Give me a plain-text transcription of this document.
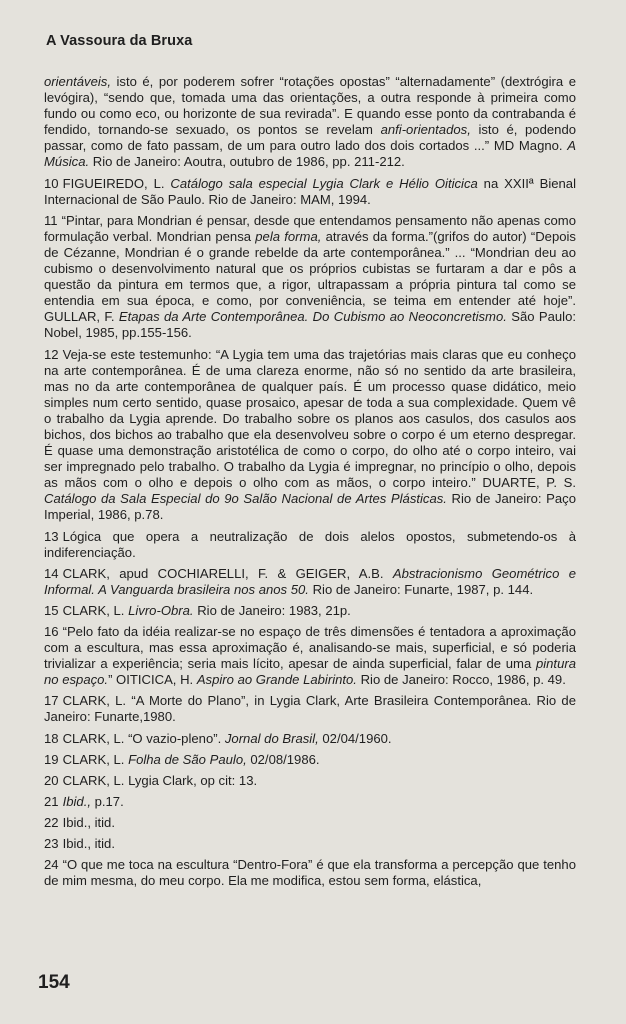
A Vassoura da Bruxa

orientáveis, isto é, por poderem sofrer “rotações opostas” “alternadamente” (dextrógira e levógira), “sendo que, tomada uma das orientações, a outra responde à primeira como fundo ou como eco, ou horizonte de sua revirada”. E quando esse ponto da contrabanda é fendido, tornando-se sexuado, os pontos se revelam anfi-orientados, isto é, podendo passar, como de fato passam, de um para outro lado dos dois cortados ...” MD Magno. A Música. Rio de Janeiro: Aoutra, outubro de 1986, pp. 211-212.

10 FIGUEIREDO, L. Catálogo sala especial Lygia Clark e Hélio Oiticica na XXIIª Bienal Internacional de São Paulo. Rio de Janeiro: MAM, 1994.

11 “Pintar, para Mondrian é pensar, desde que entendamos pensamento não apenas como formulação verbal. Mondrian pensa pela forma, através da forma.”(grifos do autor) “Depois de Cézanne, Mondrian é o grande rebelde da arte contemporânea.” ... “Mondrian deu ao cubismo o desenvolvimento natural que os próprios cubistas se furtaram a dar e pôs a questão da pintura em termos que, a rigor, ultrapassam a própria pintura tal como se entendia em sua época, e como, por conveniência, se teima em entender até hoje”. GULLAR, F. Etapas da Arte Contemporânea. Do Cubismo ao Neoconcretismo. São Paulo: Nobel, 1985, pp.155-156.

12 Veja-se este testemunho: “A Lygia tem uma das trajetórias mais claras que eu conheço na arte contemporânea. É de uma clareza enorme, não só no sentido da arte brasileira, mas no da arte contemporânea de qualquer país. É um processo quase didático, meio simples num certo sentido, quase prosaico, apesar de toda a sua complexidade. Quem vê o trabalho da Lygia aprende. Do trabalho sobre os planos aos casulos, dos casulos aos bichos, dos bichos ao trabalho que ela desenvolveu sobre o corpo é um eterno despregar. É quase uma demonstração aristotélica de como o corpo, do olho até o corpo inteiro, vai ser impregnado pelo trabalho. O trabalho da Lygia é impregnar, no princípio o olho, depois as mãos com o olho e depois o olho com as mãos, o corpo inteiro.” DUARTE, P. S. Catálogo da Sala Especial do 9o Salão Nacional de Artes Plásticas. Rio de Janeiro: Paço Imperial, 1986, p.78.

13 Lógica que opera a neutralização de dois alelos opostos, submetendo-os à indiferenciação.

14 CLARK, apud COCHIARELLI, F. & GEIGER, A.B. Abstracionismo Geométrico e Informal. A Vanguarda brasileira nos anos 50. Rio de Janeiro: Funarte, 1987, p. 144.

15 CLARK, L. Livro-Obra. Rio de Janeiro: 1983, 21p.

16 “Pelo fato da idéia realizar-se no espaço de três dimensões é tentadora a aproximação com a escultura, mas essa aproximação é, analisando-se mais, superficial, e só poderia trivializar a experiência; seria mais lícito, apesar de ainda superficial, falar de uma pintura no espaço.” OITICICA, H. Aspiro ao Grande Labirinto. Rio de Janeiro: Rocco, 1986, p. 49.

17 CLARK, L. “A Morte do Plano”, in Lygia Clark, Arte Brasileira Contemporânea. Rio de Janeiro: Funarte,1980.

18 CLARK, L. “O vazio-pleno”. Jornal do Brasil, 02/04/1960.

19 CLARK, L. Folha de São Paulo, 02/08/1986.

20 CLARK, L. Lygia Clark, op cit: 13.

21 Ibid., p.17.

22 Ibid., itid.

23 Ibid., itid.

24 “O que me toca na escultura “Dentro-Fora” é que ela transforma a percepção que tenho de mim mesma, do meu corpo. Ela me modifica, estou sem forma, elástica,

154
